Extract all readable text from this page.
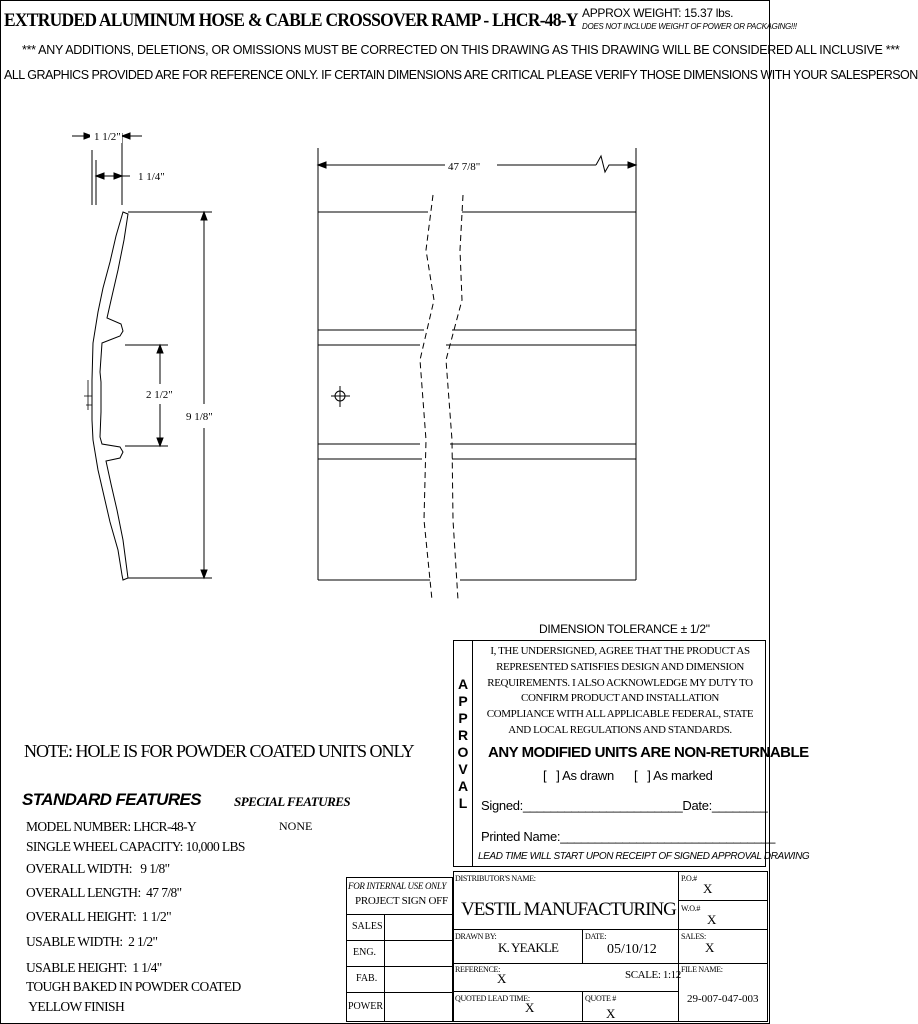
EXTRUDED ALUMINUM HOSE & CABLE CROSSOVER RAMP - LHCR-48-Y APPROX WEIGHT: 15.37 lbs.
DOES NOT INCLUDE WEIGHT OF POWER OR PACKAGING!!!
*** ANY ADDITIONS, DELETIONS, OR OMISSIONS MUST BE CORRECTED ON THIS DRAWING AS THIS DRAWING WILL BE CONSIDERED ALL INCLUSIVE ***
ALL GRAPHICS PROVIDED ARE FOR REFERENCE ONLY. IF CERTAIN DIMENSIONS ARE CRITICAL PLEASE VERIFY THOSE DIMENSIONS WITH YOUR SALESPERSON
1 1/2"
1 1/4"
2 1/2"
9 1/8"
47 7/8"
NOTE: HOLE IS FOR POWDER COATED UNITS ONLY
STANDARD FEATURES	SPECIAL FEATURES
NONE
MODEL NUMBER: LHCR-48-Y
SINGLE WHEEL CAPACITY: 10,000 LBS
OVERALL WIDTH:   9 1/8"
OVERALL LENGTH:  47 7/8"
OVERALL HEIGHT:  1 1/2"
USABLE WIDTH:  2 1/2"
USABLE HEIGHT:  1 1/4"
TOUGH BAKED IN POWDER COATED
YELLOW FINISH
DIMENSION TOLERANCE ± 1/2"
A
P
P
R
O
V
A
L
I, THE UNDERSIGNED, AGREE THAT THE PRODUCT AS
REPRESENTED SATISFIES DESIGN AND DIMENSION
REQUIREMENTS. I ALSO ACKNOWLEDGE MY DUTY TO
CONFIRM PRODUCT AND INSTALLATION
COMPLIANCE WITH ALL APPLICABLE FEDERAL, STATE
AND LOCAL REGULATIONS AND STANDARDS.
ANY MODIFIED UNITS ARE NON-RETURNABLE
[   ] As drawn [   ] As marked
Signed:_______________________Date:________
Printed Name:_______________________________
LEAD TIME WILL START UPON RECEIPT OF SIGNED APPROVAL DRAWING
FOR INTERNAL USE ONLY
PROJECT SIGN OFF
SALES
ENG.
FAB.
POWER
DISTRIBUTOR'S NAME:
VESTIL MANUFACTURING
P.O.#
X
W.O.#
X
DRAWN BY:
K. YEAKLE
DATE:
05/10/12
SALES:
X
REFERENCE:
X	SCALE: 1:12 FILE NAME:
29-007-047-003
QUOTED LEAD TIME:
X
QUOTE #
X
